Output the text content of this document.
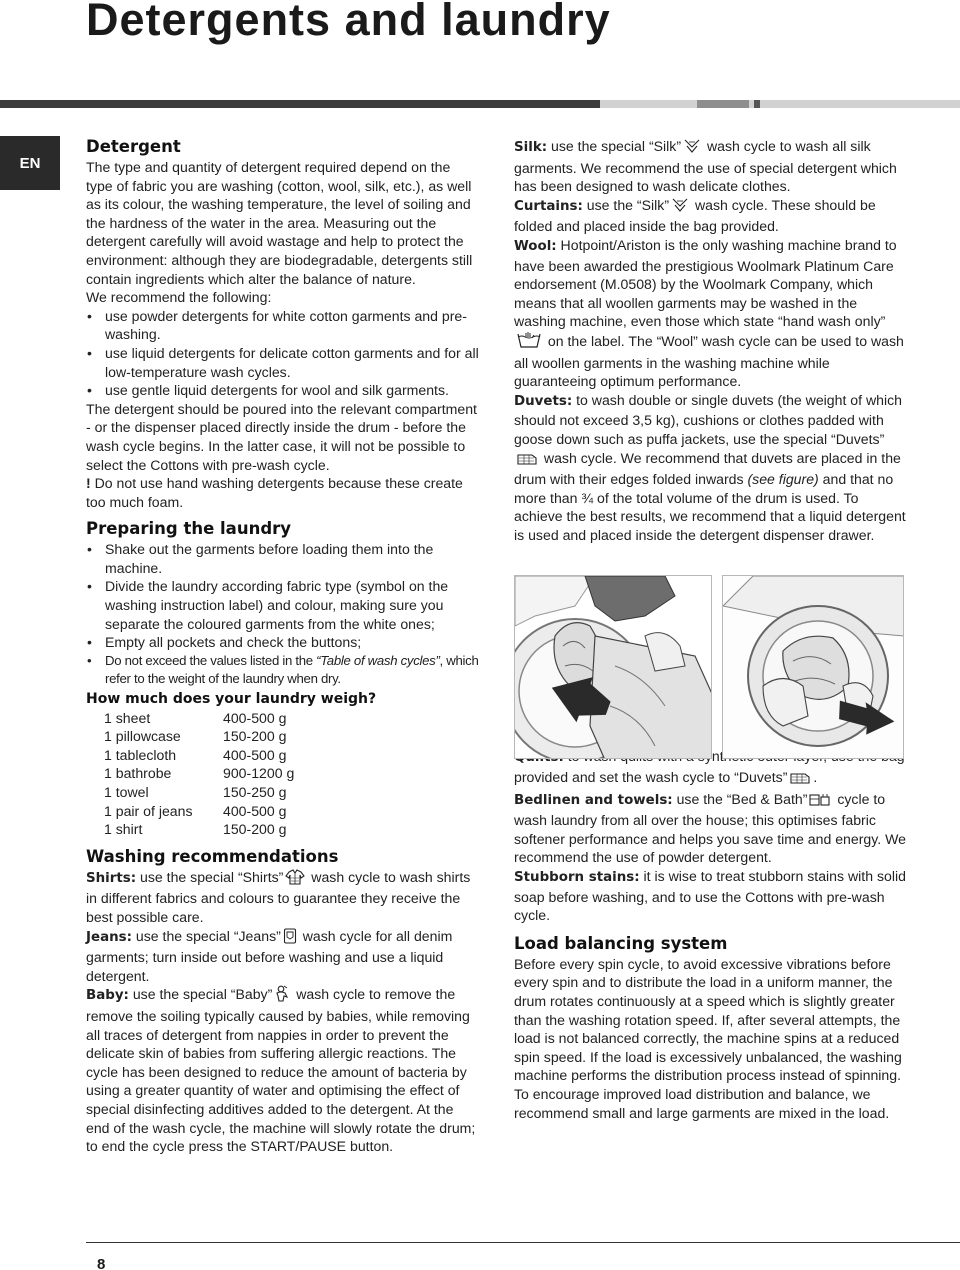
Detergents and laundry
EN
Detergent

The type and quantity of detergent required depend on the type of fabric you are washing (cotton, wool, silk, etc.), as well as its colour, the washing temperature, the level of soiling and the hardness of the water in the area. Measuring out the detergent carefully will avoid wastage and help to protect the environment: although they are biodegradable, detergents still contain ingredients which alter the balance of nature.

We recommend the following:

• use powder detergents for white cotton garments and pre-washing.
• use liquid detergents for delicate cotton garments and for all low-temperature wash cycles.
• use gentle liquid detergents for wool and silk garments.

The detergent should be poured into the relevant compartment - or the dispenser placed directly inside the drum - before the wash cycle begins. In the latter case, it will not be possible to select the Cottons with pre-wash cycle.

! Do not use hand washing detergents because these create too much foam.

Preparing the laundry
• Shake out the garments before loading them into the machine.
• Divide the laundry according fabric type (symbol on the washing instruction label) and colour, making sure you separate the coloured garments from the white ones;
• Empty all pockets and check the buttons;
• Do not exceed the values listed in the “Table of wash cycles”, which refer to the weight of the laundry when dry.
How much does your laundry weigh?
1 sheet	400-500 g
1 pillowcase	150-200 g
1 tablecloth	400-500 g
1 bathrobe	900-1200 g
1 towel	150-250 g
1 pair of jeans	400-500 g
1 shirt	150-200 g
Washing recommendations

Shirts: use the special “Shirts” wash cycle to wash shirts in different fabrics and colours to guarantee they receive the best possible care.

Jeans: use the special “Jeans” wash cycle for all denim garments; turn inside out before washing and use a liquid detergent.

Baby: use the special “Baby” wash cycle to remove the remove the soiling typically caused by babies, while removing all traces of detergent from nappies in order to prevent the delicate skin of babies from suffering allergic reactions. The cycle has been designed to reduce the amount of bacteria by using a greater quantity of water and optimising the effect of special disinfecting additives added to the detergent. At the end of the wash cycle, the machine will slowly rotate the drum; to end the cycle press the START/PAUSE button.

Silk: use the special “Silk” wash cycle to wash all silk garments. We recommend the use of special detergent which has been designed to wash delicate clothes.

Curtains: use the “Silk” wash cycle. These should be folded and placed inside the bag provided.

Wool: Hotpoint/Ariston is the only washing machine brand to have been awarded the prestigious Woolmark Platinum Care endorsement (M.0508) by the Woolmark Company, which means that all woollen garments may be washed in the washing machine, even those which state “hand wash only” on the label. The “Wool” wash cycle can be used to wash all woollen garments in the washing machine while guaranteeing optimum performance.

Duvets: to wash double or single duvets (the weight of which should not exceed 3,5 kg), cushions or clothes padded with goose down such as puffa jackets, use the special “Duvets” wash cycle. We recommend that duvets are placed in the drum with their edges folded inwards (see figure) and that no more than ¾ of the total volume of the drum is used. To achieve the best results, we recommend that a liquid detergent is used and placed inside the detergent dispenser drawer.

provided and set the wash cycle to “Duvets” .

Bedlinen and towels: use the “Bed & Bath” cycle to wash laundry from all over the house; this optimises fabric softener performance and helps you save time and energy. We recommend the use of powder detergent.

Stubborn stains: it is wise to treat stubborn stains with solid soap before washing, and to use the Cottons with pre-wash cycle.

Load balancing system

Before every spin cycle, to avoid excessive vibrations before every spin and to distribute the load in a uniform manner, the drum rotates continuously at a speed which is slightly greater than the washing rotation speed. If, after several attempts, the load is not balanced correctly, the machine spins at a reduced spin speed. If the load is excessively unbalanced, the washing machine performs the distribution process instead of spinning. To encourage improved load distribution and balance, we recommend small and large garments are mixed in the load.

8
